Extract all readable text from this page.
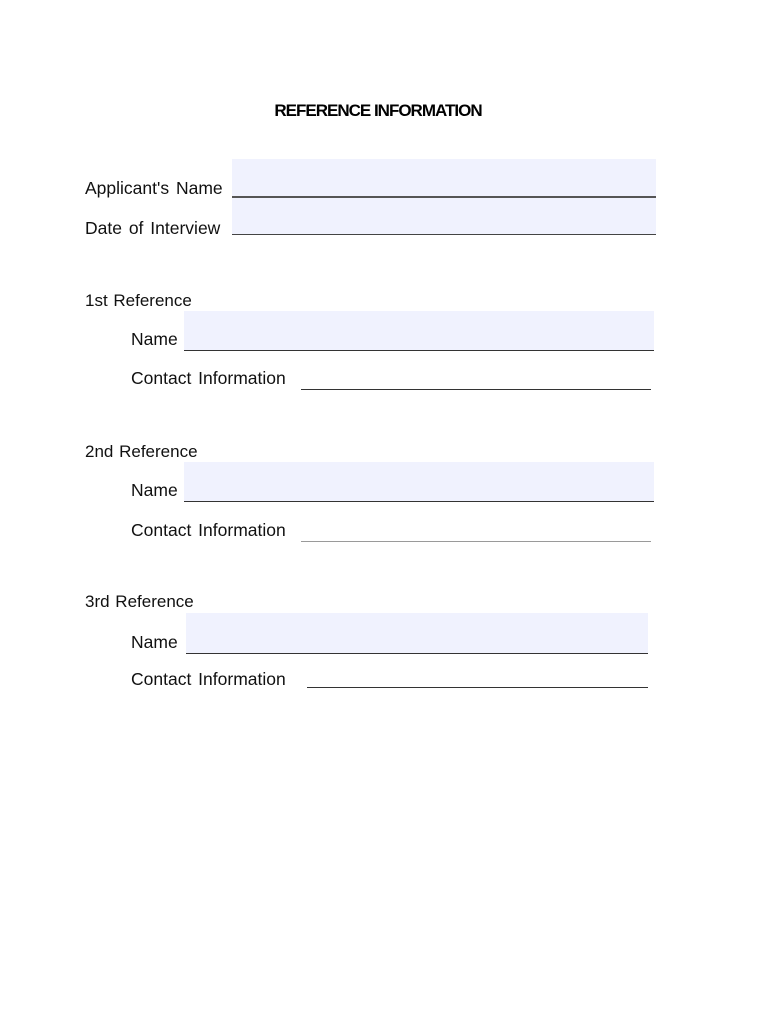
REFERENCE INFORMATION
Applicant's Name
Date of Interview
1st Reference
Name
Contact Information
2nd Reference
Name
Contact Information
3rd Reference
Name
Contact Information
